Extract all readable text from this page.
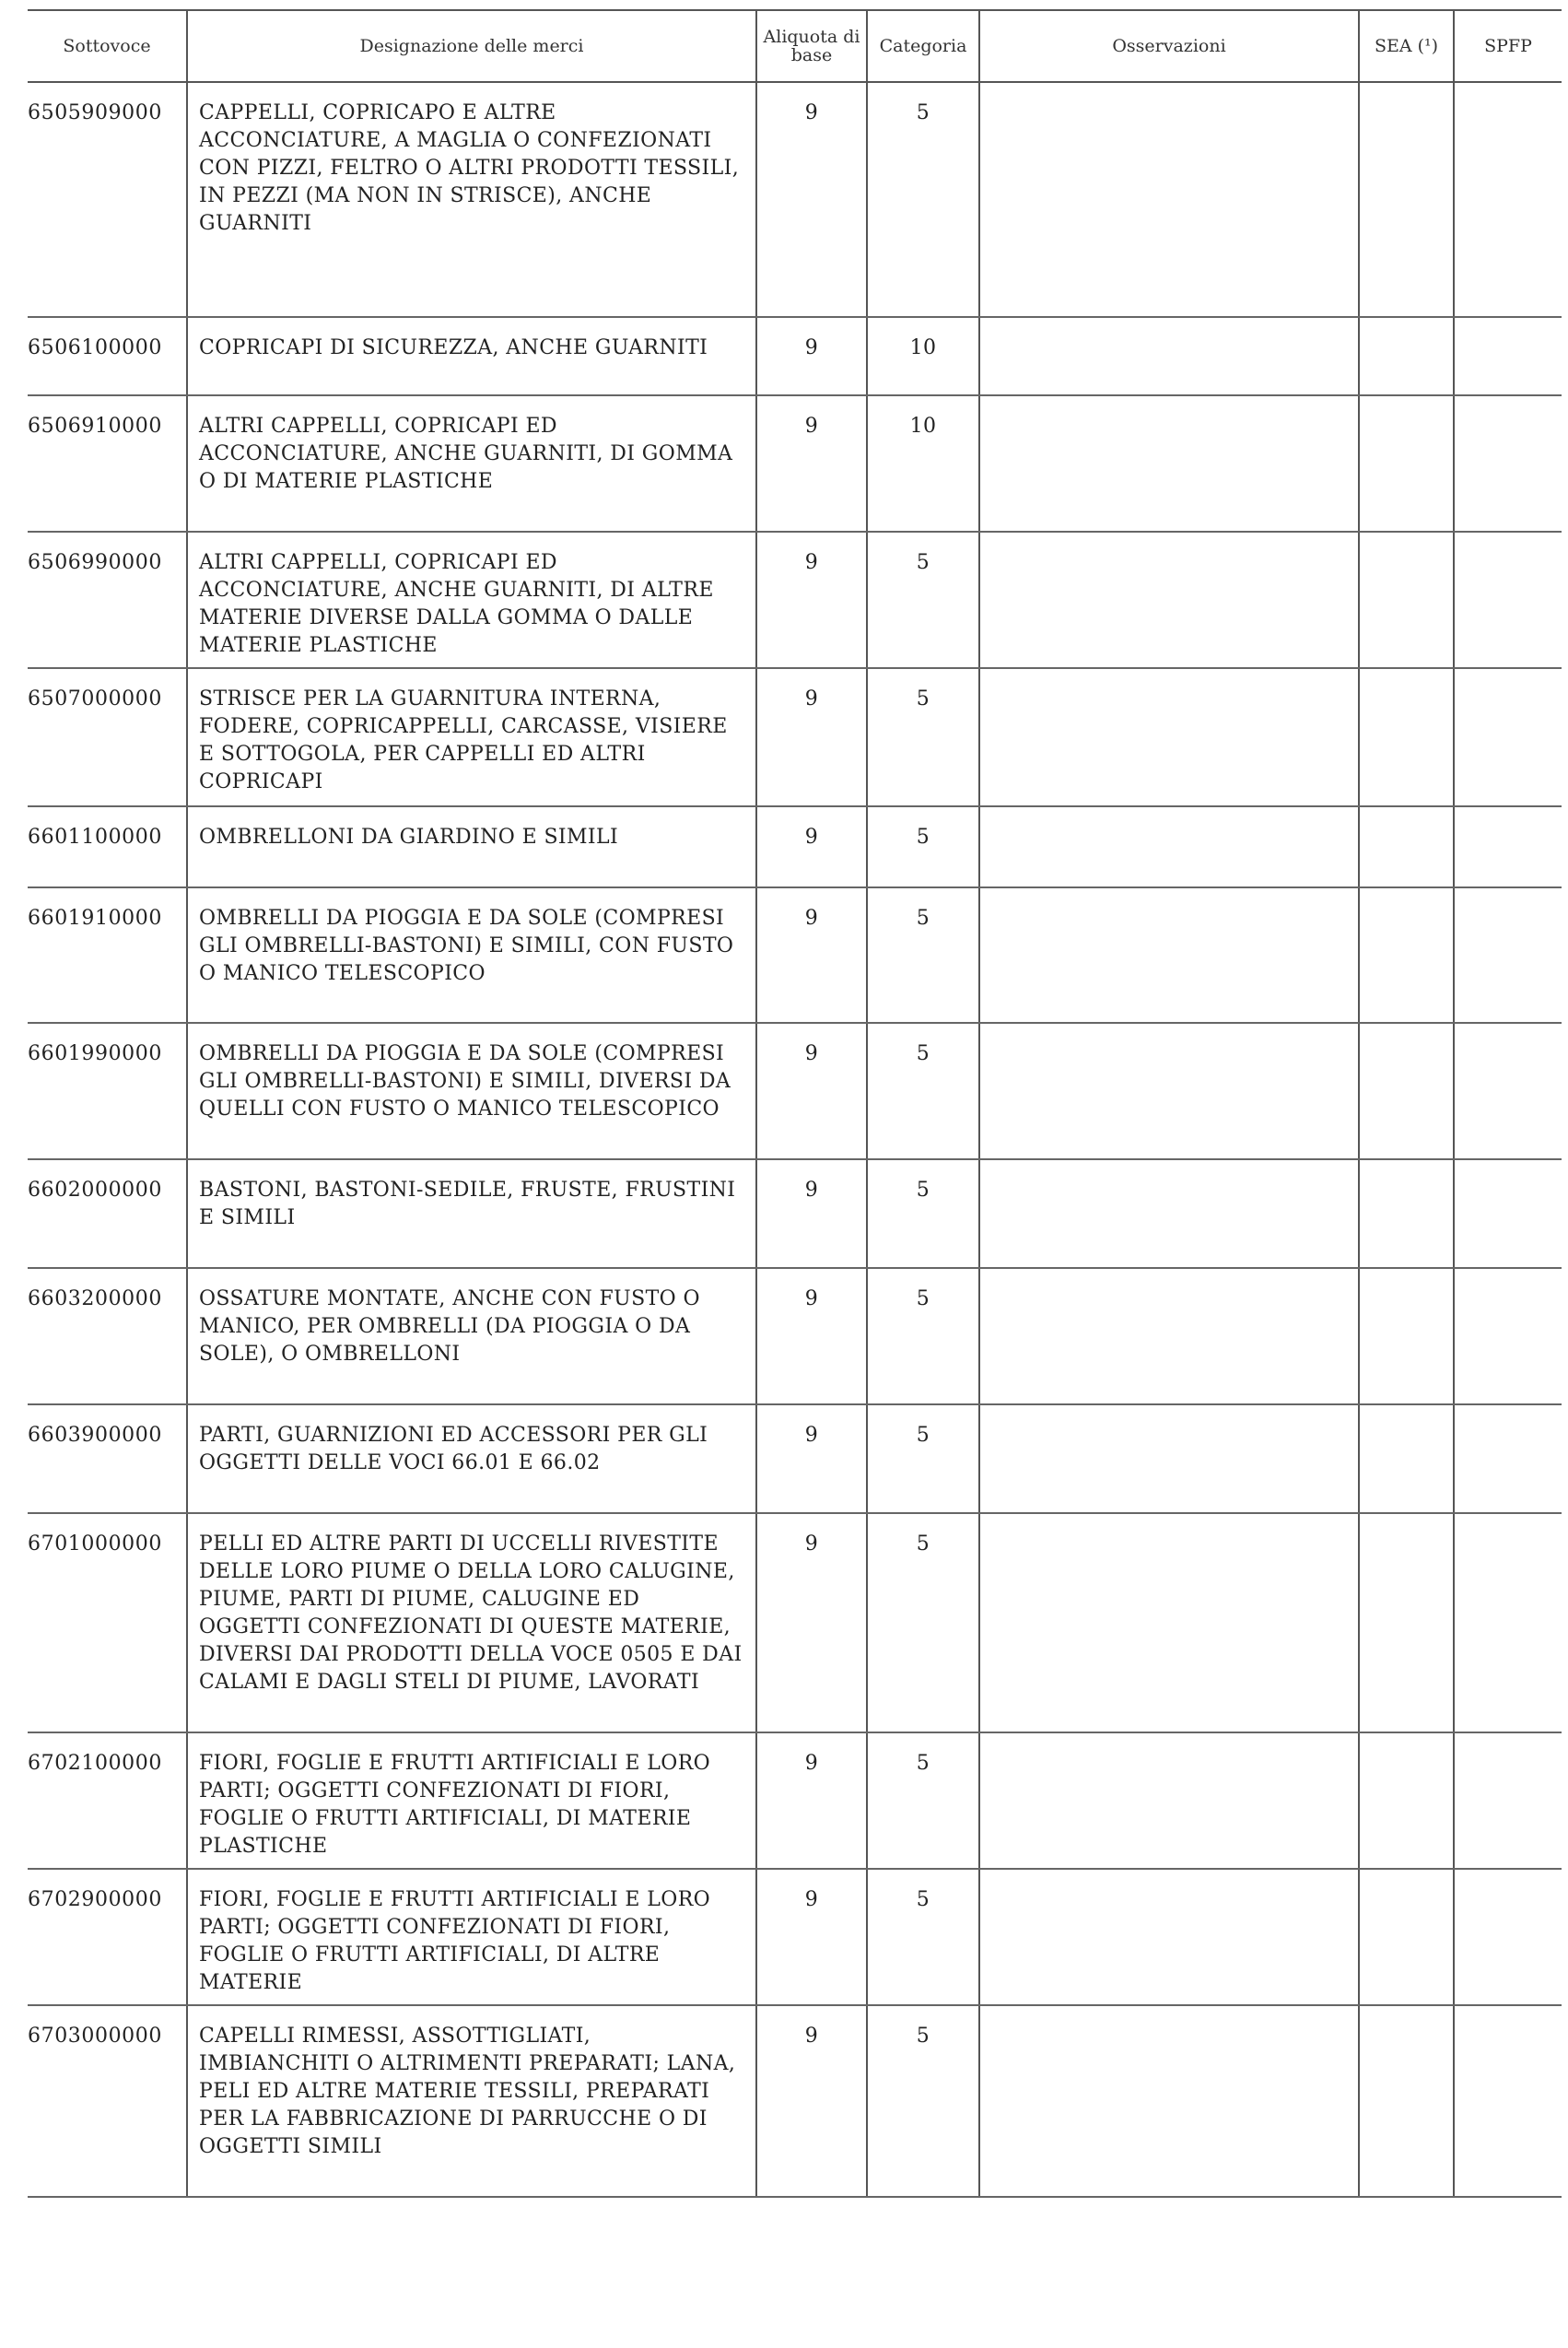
Sottovoce	Designazione delle merci	Aliquota di base	Categoria	Osservazioni	SEA (¹)	SPFP
6505909000	CAPPELLI, COPRICAPO E ALTRE ACCONCIATURE, A MAGLIA O CONFEZIONATI CON PIZZI, FELTRO O ALTRI PRODOTTI TESSILI, IN PEZZI (MA NON IN STRISCE), ANCHE GUARNITI	9	5			
6506100000	COPRICAPI DI SICUREZZA, ANCHE GUARNITI	9	10			
6506910000	ALTRI CAPPELLI, COPRICAPI ED ACCONCIATURE, ANCHE GUARNITI, DI GOMMA O DI MATERIE PLASTICHE	9	10			
6506990000	ALTRI CAPPELLI, COPRICAPI ED ACCONCIATURE, ANCHE GUARNITI, DI ALTRE MATERIE DIVERSE DALLA GOMMA O DALLE MATERIE PLASTICHE	9	5			
6507000000	STRISCE PER LA GUARNITURA INTERNA, FODERE, COPRICAPPELLI, CARCASSE, VISIERE E SOTTOGOLA, PER CAPPELLI ED ALTRI COPRICAPI	9	5			
6601100000	OMBRELLONI DA GIARDINO E SIMILI	9	5			
6601910000	OMBRELLI DA PIOGGIA E DA SOLE (COMPRESI GLI OMBRELLI-BASTONI) E SIMILI, CON FUSTO O MANICO TELESCOPICO	9	5			
6601990000	OMBRELLI DA PIOGGIA E DA SOLE (COMPRESI GLI OMBRELLI-BASTONI) E SIMILI, DIVERSI DA QUELLI CON FUSTO O MANICO TELESCOPICO	9	5			
6602000000	BASTONI, BASTONI-SEDILE, FRUSTE, FRUSTINI E SIMILI	9	5			
6603200000	OSSATURE MONTATE, ANCHE CON FUSTO O MANICO, PER OMBRELLI (DA PIOGGIA O DA SOLE), O OMBRELLONI	9	5			
6603900000	PARTI, GUARNIZIONI ED ACCESSORI PER GLI OGGETTI DELLE VOCI 66.01 E 66.02	9	5			
6701000000	PELLI ED ALTRE PARTI DI UCCELLI RIVESTITE DELLE LORO PIUME O DELLA LORO CALUGINE, PIUME, PARTI DI PIUME, CALUGINE ED OGGETTI CONFEZIONATI DI QUESTE MATERIE, DIVERSI DAI PRODOTTI DELLA VOCE 0505 E DAI CALAMI E DAGLI STELI DI PIUME, LAVORATI	9	5			
6702100000	FIORI, FOGLIE E FRUTTI ARTIFICIALI E LORO PARTI; OGGETTI CONFEZIONATI DI FIORI, FOGLIE O FRUTTI ARTIFICIALI, DI MATERIE PLASTICHE	9	5			
6702900000	FIORI, FOGLIE E FRUTTI ARTIFICIALI E LORO PARTI; OGGETTI CONFEZIONATI DI FIORI, FOGLIE O FRUTTI ARTIFICIALI, DI ALTRE MATERIE	9	5			
6703000000	CAPELLI RIMESSI, ASSOTTIGLIATI, IMBIANCHITI O ALTRIMENTI PREPARATI; LANA, PELI ED ALTRE MATERIE TESSILI, PREPARATI PER LA FABBRICAZIONE DI PARRUCCHE O DI OGGETTI SIMILI	9	5			
